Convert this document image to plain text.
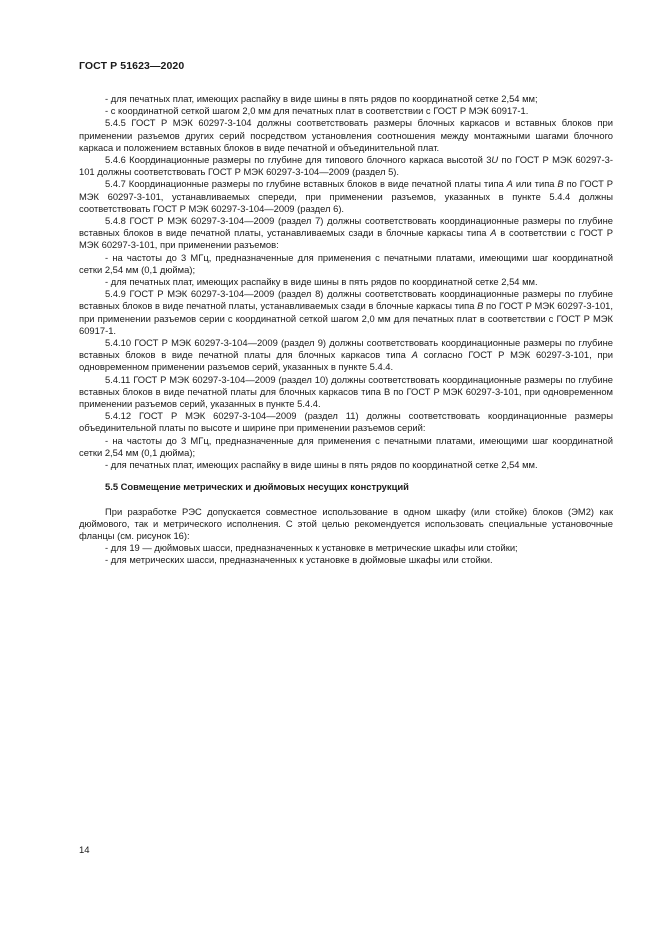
ГОСТ Р 51623—2020

- для печатных плат, имеющих распайку в виде шины в пять рядов по координатной сетке 2,54 мм;

- с координатной сеткой шагом 2,0 мм для печатных плат в соответствии с ГОСТ Р МЭК 60917-1.

5.4.5 ГОСТ Р МЭК 60297-3-104 должны соответствовать размеры блочных каркасов и вставных блоков при применении разъемов других серий посредством установления соотношения между монтажными шагами блочного каркаса и положением вставных блоков в виде печатной и объединительной плат.

5.4.6 Координационные размеры по глубине для типового блочного каркаса высотой 3U по ГОСТ Р МЭК 60297-3-101 должны соответствовать ГОСТ Р МЭК 60297-3-104—2009 (раздел 5).

5.4.7 Координационные размеры по глубине вставных блоков в виде печатной платы типа A или типа B по ГОСТ Р МЭК 60297-3-101, устанавливаемых спереди, при применении разъемов, указанных в пункте 5.4.4 должны соответствовать ГОСТ Р МЭК 60297-3-104—2009 (раздел 6).

5.4.8 ГОСТ Р МЭК 60297-3-104—2009 (раздел 7) должны соответствовать координационные размеры по глубине вставных блоков в виде печатной платы, устанавливаемых сзади в блочные каркасы типа A в соответствии с ГОСТ Р МЭК 60297-3-101, при применении разъемов:

- на частоты до 3 МГц, предназначенные для применения с печатными платами, имеющими шаг координатной сетки 2,54 мм (0,1 дюйма);

- для печатных плат, имеющих распайку в виде шины в пять рядов по координатной сетке 2,54 мм.

5.4.9 ГОСТ Р МЭК 60297-3-104—2009 (раздел 8) должны соответствовать координационные размеры по глубине вставных блоков в виде печатной платы, устанавливаемых сзади в блочные каркасы типа B по ГОСТ Р МЭК 60297-3-101, при применении разъемов серии с координатной сеткой шагом 2,0 мм для печатных плат в соответствии с ГОСТ Р МЭК 60917-1.

5.4.10 ГОСТ Р МЭК 60297-3-104—2009 (раздел 9) должны соответствовать координационные размеры по глубине вставных блоков в виде печатной платы для блочных каркасов типа A согласно ГОСТ Р МЭК 60297-3-101, при одновременном применении разъемов серий, указанных в пункте 5.4.4.

5.4.11 ГОСТ Р МЭК 60297-3-104—2009 (раздел 10) должны соответствовать координационные размеры по глубине вставных блоков в виде печатной платы для блочных каркасов типа В по ГОСТ Р МЭК 60297-3-101, при одновременном применении разъемов серий, указанных в пункте 5.4.4.

5.4.12 ГОСТ Р МЭК 60297-3-104—2009 (раздел 11) должны соответствовать координационные размеры объединительной платы по высоте и ширине при применении разъемов серий:

- на частоты до 3 МГц, предназначенные для применения с печатными платами, имеющими шаг координатной сетки 2,54 мм (0,1 дюйма);

- для печатных плат, имеющих распайку в виде шины в пять рядов по координатной сетке 2,54 мм.

5.5 Совмещение метрических и дюймовых несущих конструкций

При разработке РЭС допускается совместное использование в одном шкафу (или стойке) блоков (ЭМ2) как дюймового, так и метрического исполнения. С этой целью рекомендуется использовать специальные установочные фланцы (см. рисунок 16):

- для 19 — дюймовых шасси, предназначенных к установке в метрические шкафы или стойки;

- для метрических шасси, предназначенных к установке в дюймовые шкафы или стойки.

14
